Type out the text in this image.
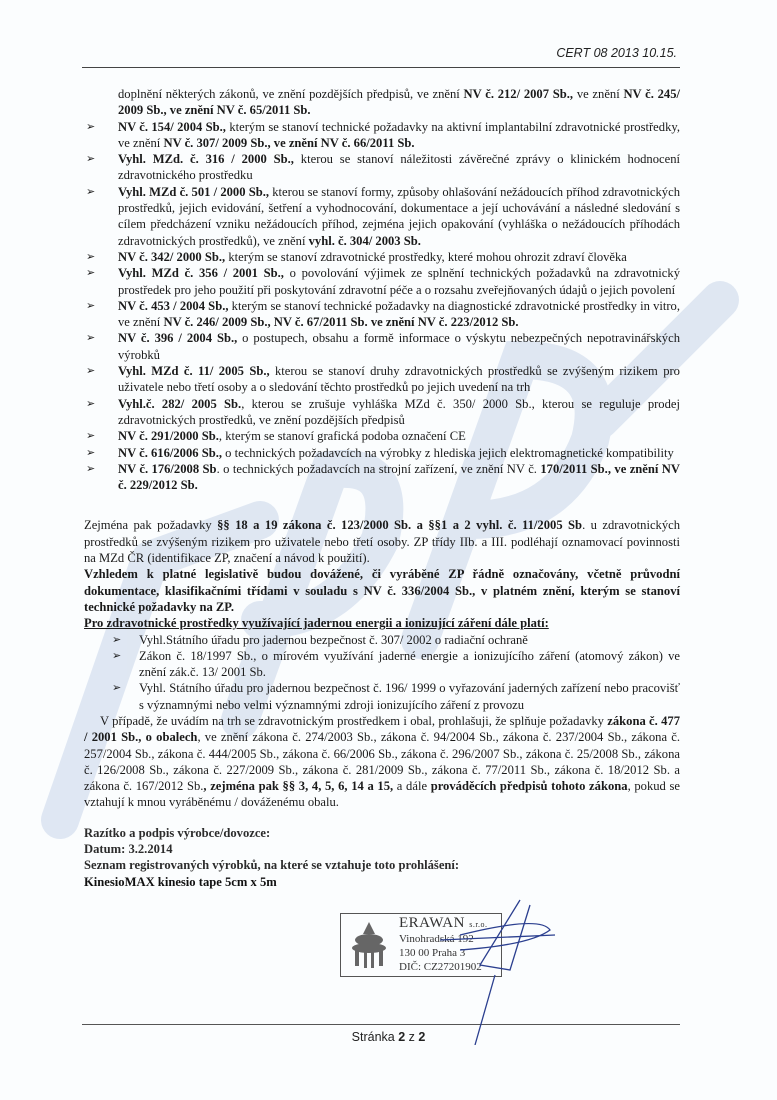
CERT 08 2013 10.15.
doplnění některých zákonů, ve znění pozdějších předpisů, ve znění NV č. 212/ 2007 Sb., ve znění NV č. 245/ 2009 Sb., ve znění NV č. 65/2011 Sb.
➢ NV č. 154/ 2004 Sb., kterým se stanoví technické požadavky na aktivní implantabilní zdravotnické prostředky, ve znění NV č. 307/ 2009 Sb., ve znění NV č. 66/2011 Sb.
➢ Vyhl. MZd. č. 316 / 2000 Sb., kterou se stanoví náležitosti závěrečné zprávy o klinickém hodnocení zdravotnického prostředku
➢ Vyhl. MZd č. 501 / 2000 Sb., kterou se stanoví formy, způsoby ohlašování nežádoucích příhod zdravotnických prostředků, jejich evidování, šetření a vyhodnocování, dokumentace a její uchovávání a následné sledování s cílem předcházení vzniku nežádoucích příhod, zejména jejich opakování (vyhláška o nežádoucích příhodách zdravotnických prostředků), ve znění vyhl. č. 304/ 2003 Sb.
➢ NV č. 342/ 2000 Sb., kterým se stanoví zdravotnické prostředky, které mohou ohrozit zdraví člověka
➢ Vyhl. MZd č. 356 / 2001 Sb., o povolování výjimek ze splnění technických požadavků na zdravotnický prostředek pro jeho použití při poskytování zdravotní péče a o rozsahu zveřejňovaných údajů o jejich povolení
➢ NV č. 453 / 2004 Sb., kterým se stanoví technické požadavky na diagnostické zdravotnické prostředky in vitro, ve znění NV č. 246/ 2009 Sb., NV č. 67/2011 Sb. ve znění NV č. 223/2012 Sb.
➢ NV č. 396 / 2004 Sb., o postupech, obsahu a formě informace o výskytu nebezpečných nepotravinářských výrobků
➢ Vyhl. MZd č. 11/ 2005 Sb., kterou se stanoví druhy zdravotnických prostředků se zvýšeným rizikem pro uživatele nebo třetí osoby a o sledování těchto prostředků po jejich uvedení na trh
➢ Vyhl.č. 282/ 2005 Sb., kterou se zrušuje vyhláška MZd č. 350/ 2000 Sb., kterou se reguluje prodej zdravotnických prostředků, ve znění pozdějších předpisů
➢ NV č. 291/2000 Sb., kterým se stanoví grafická podoba označení CE
➢ NV č. 616/2006 Sb., o technických požadavcích na výrobky z hlediska jejich elektromagnetické kompatibility
➢ NV č. 176/2008 Sb. o technických požadavcích na strojní zařízení, ve znění NV č. 170/2011 Sb., ve znění NV č. 229/2012 Sb.

Zejména pak požadavky §§ 18 a 19 zákona č. 123/2000 Sb. a §§1 a 2 vyhl. č. 11/2005 Sb. u zdravotnických prostředků se zvýšeným rizikem pro uživatele nebo třetí osoby. ZP třídy IIb. a III. podléhají oznamovací povinnosti na MZd ČR (identifikace ZP, značení a návod k použití).

Vzhledem k platné legislativě budou dovážené, či vyráběné ZP řádně označovány, včetně průvodní dokumentace, klasifikačními třídami v souladu s NV č. 336/2004 Sb., v platném znění, kterým se stanoví technické požadavky na ZP.

Pro zdravotnické prostředky využívající jadernou energii a ionizující záření dále platí:
➢ Vyhl.Státního úřadu pro jadernou bezpečnost č. 307/ 2002 o radiační ochraně
➢ Zákon č. 18/1997 Sb., o mírovém využívání jaderné energie a ionizujícího záření (atomový zákon) ve znění zák.č. 13/ 2001 Sb.
➢ Vyhl. Státního úřadu pro jadernou bezpečnost č. 196/ 1999 o vyřazování jaderných zařízení nebo pracovišť s významnými nebo velmi významnými zdroji ionizujícího záření z provozu

V případě, že uvádím na trh se zdravotnickým prostředkem i obal, prohlašuji, že splňuje požadavky zákona č. 477 / 2001 Sb., o obalech, ve znění zákona č. 274/2003 Sb., zákona č. 94/2004 Sb., zákona č. 237/2004 Sb., zákona č. 257/2004 Sb., zákona č. 444/2005 Sb., zákona č. 66/2006 Sb., zákona č. 296/2007 Sb., zákona č. 25/2008 Sb., zákona č. 126/2008 Sb., zákona č. 227/2009 Sb., zákona č. 281/2009 Sb., zákona č. 77/2011 Sb., zákona č. 18/2012 Sb. a zákona č. 167/2012 Sb., zejména pak §§ 3, 4, 5, 6, 14 a 15, a dále prováděcích předpisů tohoto zákona, pokud se vztahují k mnou vyráběnému / dováženému obalu.

Razítko a podpis výrobce/dovozce:
Datum: 3.2.2014
Seznam registrovaných výrobků, na které se vztahuje toto prohlášení:
KinesioMAX kinesio tape 5cm x 5m
ERAWAN s.r.o.
Vinohradská 192
130 00 Praha 3
DIČ: CZ27201902
Stránka 2 z 2
